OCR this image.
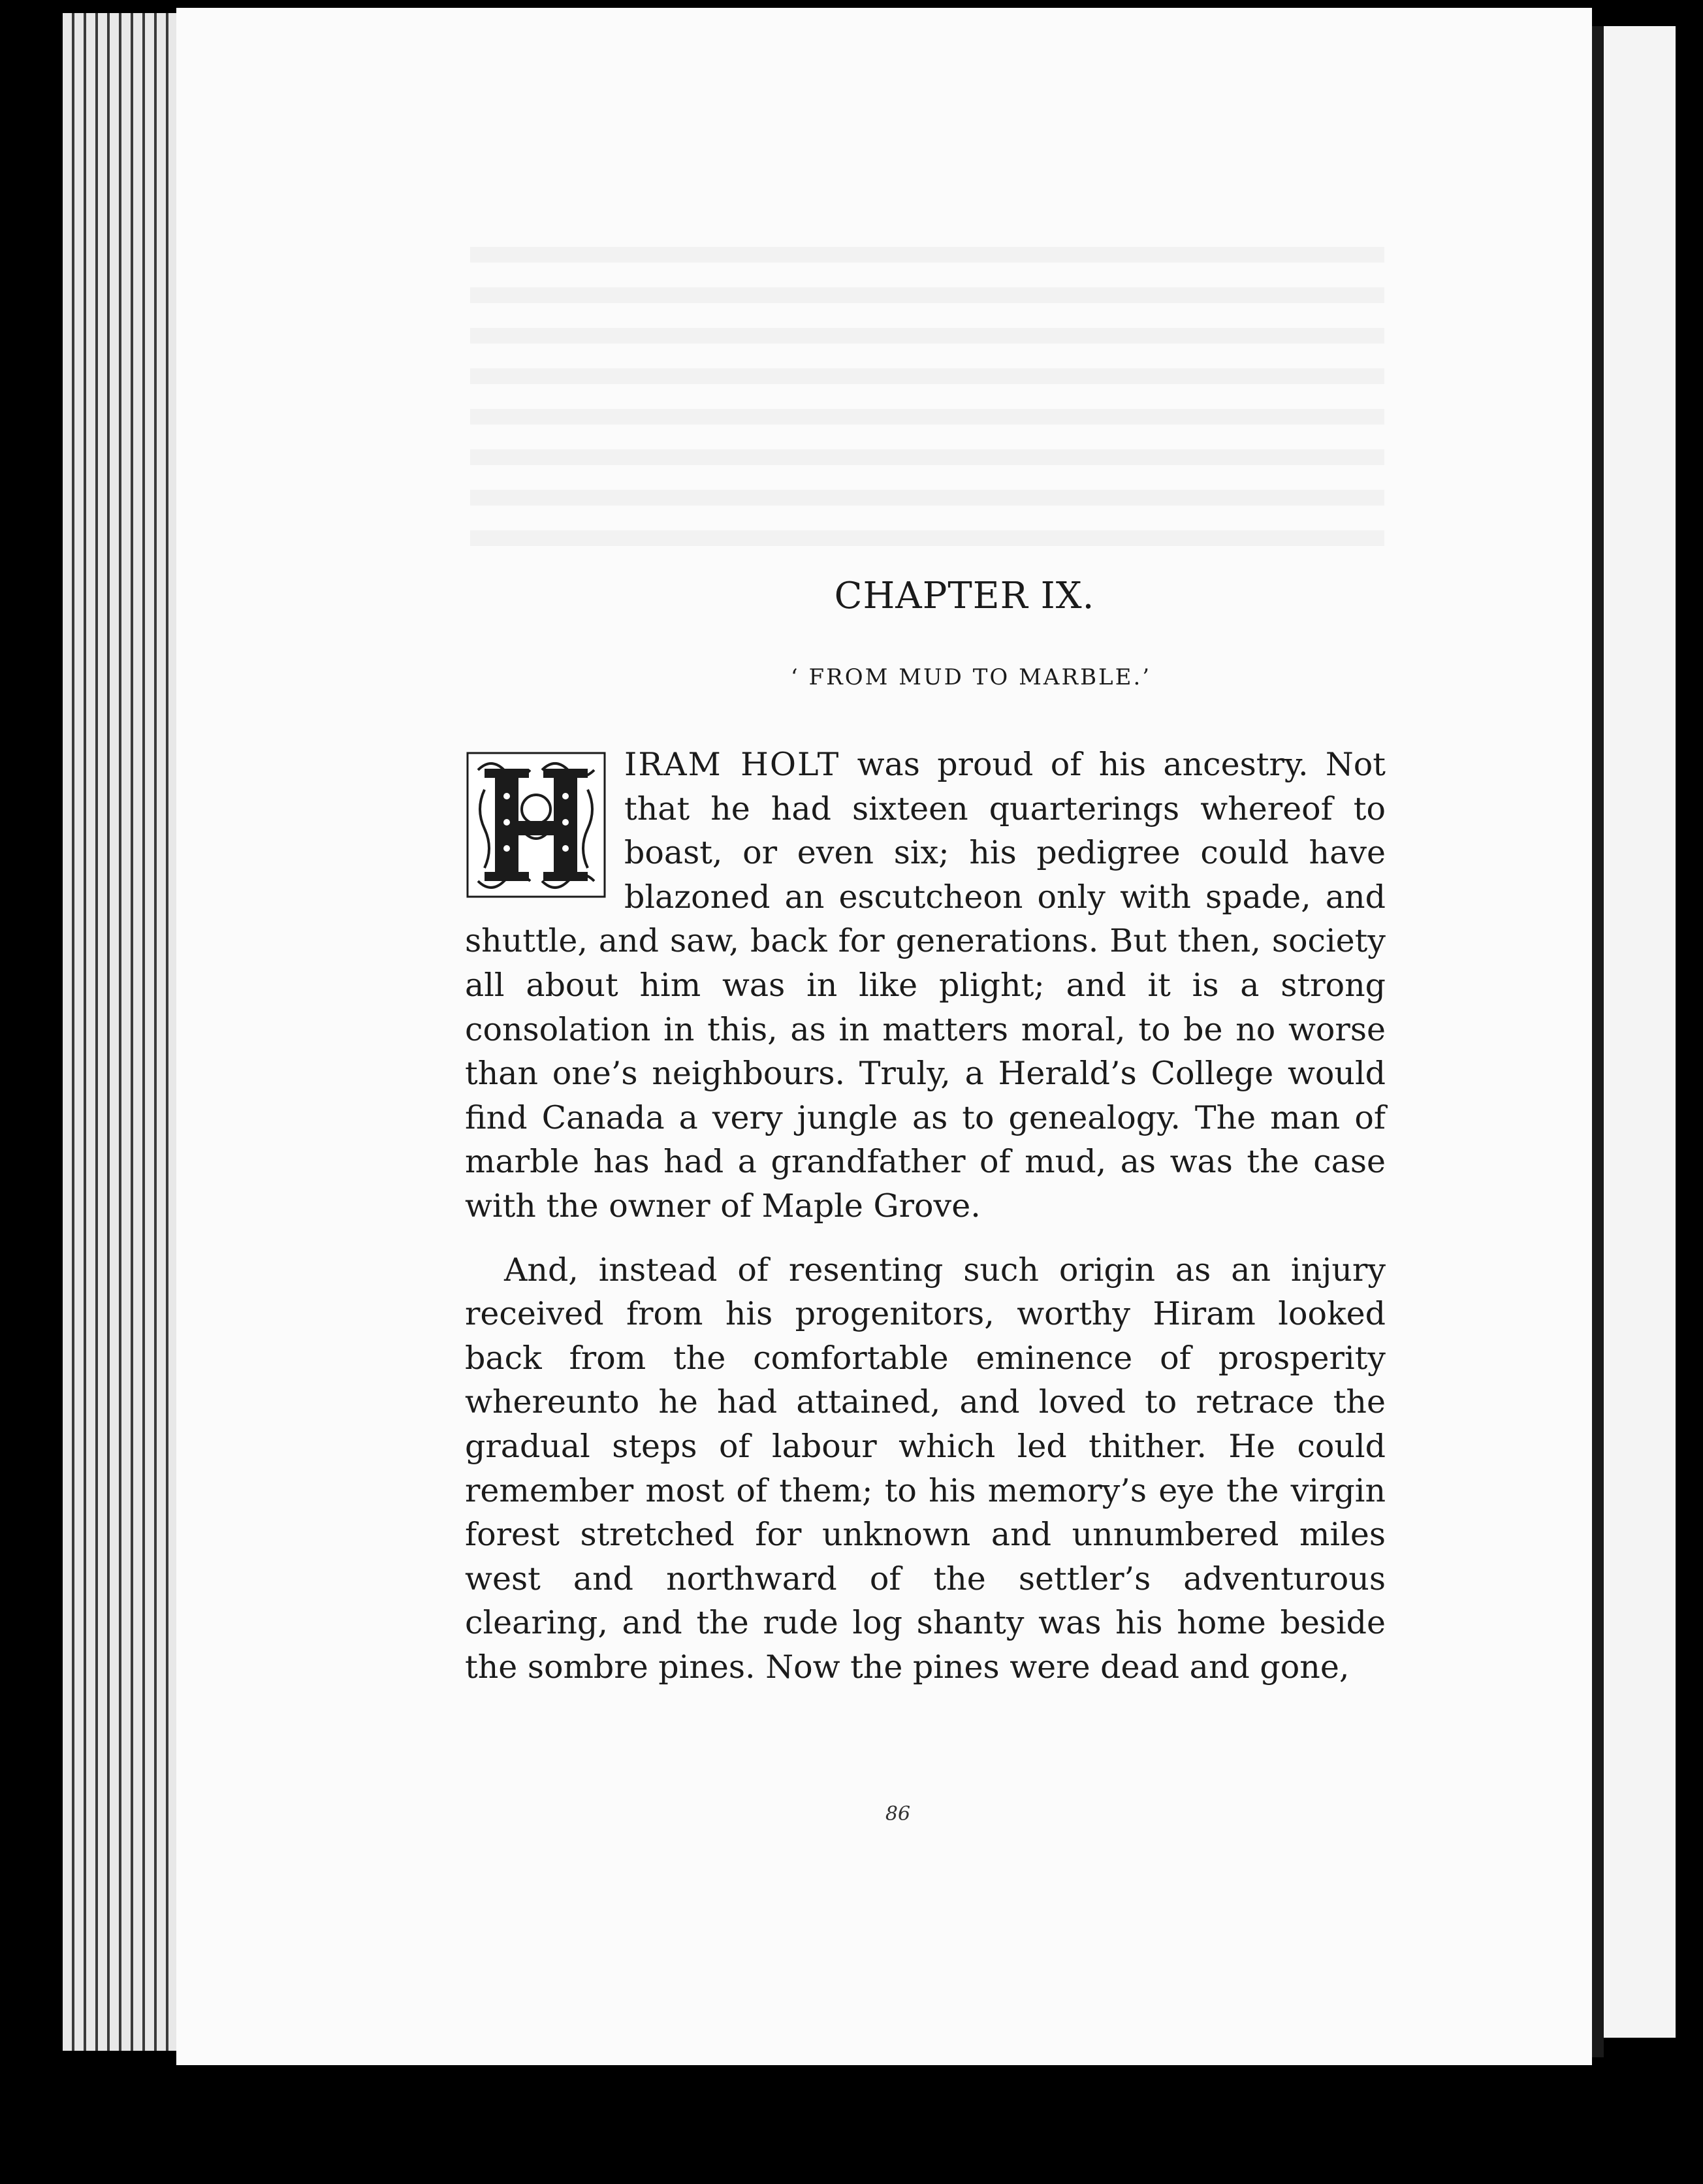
CHAPTER IX.
‘ FROM MUD TO MARBLE.’

IRAM HOLT was proud of his ancestry. Not that he had sixteen quarterings whereof to boast, or even six; his pedigree could have blazoned an escutcheon only with spade, and shuttle, and saw, back for generations. But then, society all about him was in like plight; and it is a strong consolation in this, as in matters moral, to be no worse than one’s neighbours. Truly, a Herald’s College would find Canada a very jungle as to genealogy. The man of marble has had a grandfather of mud, as was the case with the owner of Maple Grove.

And, instead of resenting such origin as an injury received from his progenitors, worthy Hiram looked back from the comfortable eminence of prosperity whereunto he had attained, and loved to retrace the gradual steps of labour which led thither. He could remember most of them; to his memory’s eye the virgin forest stretched for unknown and unnumbered miles west and northward of the settler’s adventurous clearing, and the rude log shanty was his home beside the sombre pines. Now the pines were dead and gone,

86
